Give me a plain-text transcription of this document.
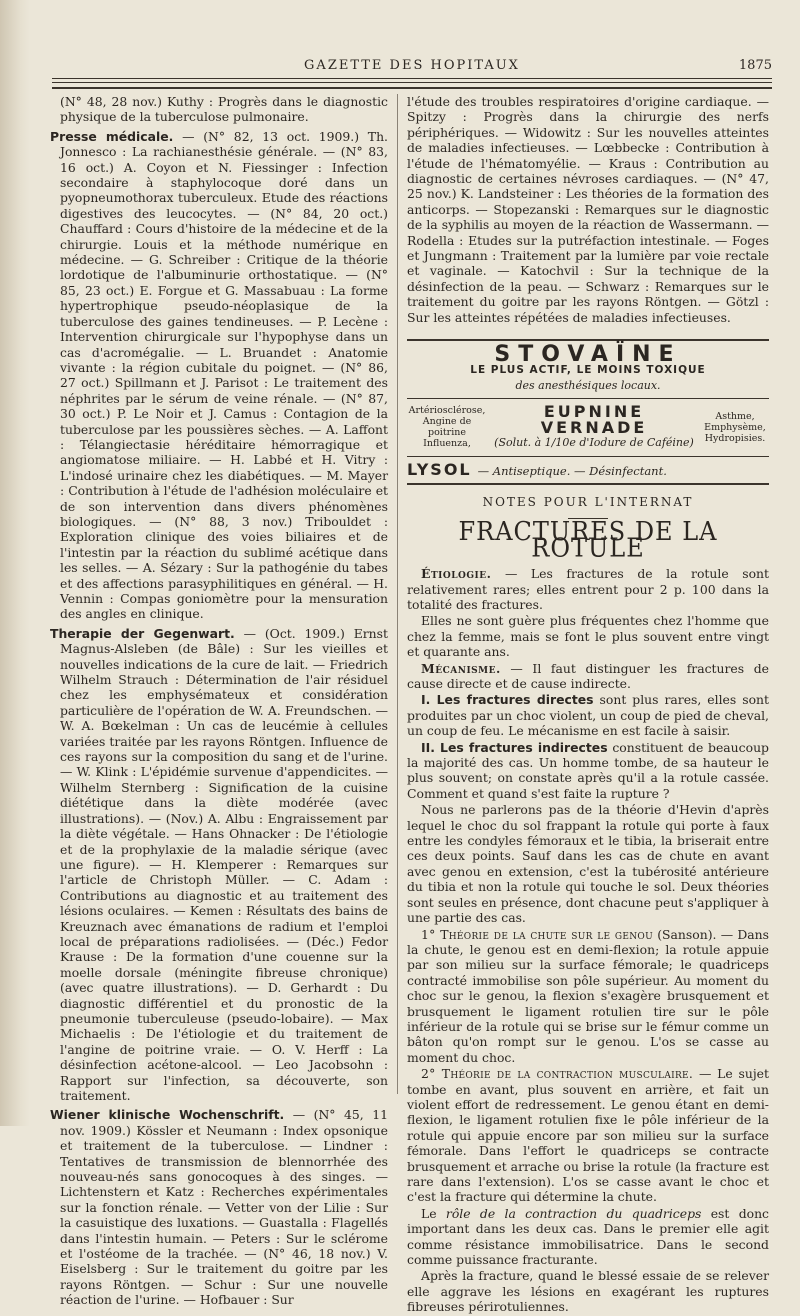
GAZETTE DES HOPITAUX	1875

(N° 48, 28 nov.) Kuthy : Progrès dans le diagnostic physique de la tuberculose pulmonaire.

Presse médicale. — (N° 82, 13 oct. 1909.) Th. Jonnesco : La rachianesthésie générale. — (N° 83, 16 oct.) A. Coyon et N. Fiessinger : Infection secondaire à staphylocoque doré dans un pyopneumothorax tuberculeux. Etude des réactions digestives des leucocytes. — (N° 84, 20 oct.) Chauffard : Cours d'histoire de la médecine et de la chirurgie. Louis et la méthode numérique en médecine. — G. Schreiber : Critique de la théorie lordotique de l'albuminurie orthostatique. — (N° 85, 23 oct.) E. Forgue et G. Massabuau : La forme hypertrophique pseudo-néoplasique de la tuberculose des gaines tendineuses. — P. Lecène : Intervention chirurgicale sur l'hypophyse dans un cas d'acromégalie. — L. Bruandet : Anatomie vivante : la région cubitale du poignet. — (N° 86, 27 oct.) Spillmann et J. Parisot : Le traitement des néphrites par le sérum de veine rénale. — (N° 87, 30 oct.) P. Le Noir et J. Camus : Contagion de la tuberculose par les poussières sèches. — A. Laffont : Télangiectasie héréditaire hémorragique et angiomatose miliaire. — H. Labbé et H. Vitry : L'indosé urinaire chez les diabétiques. — M. Mayer : Contribution à l'étude de l'adhésion moléculaire et de son intervention dans divers phénomènes biologiques. — (N° 88, 3 nov.) Tribouldet : Exploration clinique des voies biliaires et de l'intestin par la réaction du sublimé acétique dans les selles. — A. Sézary : Sur la pathogénie du tabes et des affections parasyphilitiques en général. — H. Vennin : Compas goniomètre pour la mensuration des angles en clinique.

Therapie der Gegenwart. — (Oct. 1909.) Ernst Magnus-Alsleben (de Bâle) : Sur les vieilles et nouvelles indications de la cure de lait. — Friedrich Wilhelm Strauch : Détermination de l'air résiduel chez les emphysémateux et considération particulière de l'opération de W. A. Freundschen. — W. A. Bœkelman : Un cas de leucémie à cellules variées traitée par les rayons Röntgen. Influence de ces rayons sur la composition du sang et de l'urine. — W. Klink : L'épidémie survenue d'appendicites. — Wilhelm Sternberg : Signification de la cuisine diététique dans la diète modérée (avec illustrations). — (Nov.) A. Albu : Engraissement par la diète végétale. — Hans Ohnacker : De l'étiologie et de la prophylaxie de la maladie sérique (avec une figure). — H. Klemperer : Remarques sur l'article de Christoph Müller. — C. Adam : Contributions au diagnostic et au traitement des lésions oculaires. — Kemen : Résultats des bains de Kreuznach avec émanations de radium et l'emploi local de préparations radiolisées. — (Déc.) Fedor Krause : De la formation d'une couenne sur la moelle dorsale (méningite fibreuse chronique) (avec quatre illustrations). — D. Gerhardt : Du diagnostic différentiel et du pronostic de la pneumonie tuberculeuse (pseudo-lobaire). — Max Michaelis : De l'étiologie et du traitement de l'angine de poitrine vraie. — O. V. Herff : La désinfection acétone-alcool. — Leo Jacobsohn : Rapport sur l'infection, sa découverte, son traitement.

Wiener klinische Wochenschrift. — (N° 45, 11 nov. 1909.) Kössler et Neumann : Index opsonique et traitement de la tuberculose. — Lindner : Tentatives de transmission de blennorrhée des nouveau-nés sans gonocoques à des singes. — Lichtenstern et Katz : Recherches expérimentales sur la fonction rénale. — Vetter von der Lilie : Sur la casuistique des luxations. — Guastalla : Flagellés dans l'intestin humain. — Peters : Sur le sclérome et l'ostéome de la trachée. — (N° 46, 18 nov.) V. Eiselsberg : Sur le traitement du goitre par les rayons Röntgen. — Schur : Sur une nouvelle réaction de l'urine. — Hofbauer : Sur

l'étude des troubles respiratoires d'origine cardiaque. — Spitzy : Progrès dans la chirurgie des nerfs périphériques. — Widowitz : Sur les nouvelles atteintes de maladies infectieuses. — Lœbbecke : Contribution à l'étude de l'hématomyélie. — Kraus : Contribution au diagnostic de certaines névroses cardiaques. — (N° 47, 25 nov.) K. Landsteiner : Les théories de la formation des anticorps. — Stopezanski : Remarques sur le diagnostic de la syphilis au moyen de la réaction de Wassermann. — Rodella : Etudes sur la putréfaction intestinale. — Foges et Jungmann : Traitement par la lumière par voie rectale et vaginale. — Katochvil : Sur la technique de la désinfection de la peau. — Schwarz : Remarques sur le traitement du goitre par les rayons Röntgen. — Götzl : Sur les atteintes répétées de maladies infectieuses.

STOVAÏNE
LE PLUS ACTIF, LE MOINS TOXIQUE
des anesthésiques locaux.
Artériosclérose, Angine de poitrine Influenza,
EUPNINE VERNADE
(Solut. à 1/10e d'Iodure de Caféine)
Asthme, Emphysème, Hydropisies.
LYSOL — Antiseptique. — Désinfectant.
NOTES POUR L'INTERNAT
FRACTURES DE LA ROTULE

Étiologie. — Les fractures de la rotule sont relativement rares; elles entrent pour 2 p. 100 dans la totalité des fractures.

Elles ne sont guère plus fréquentes chez l'homme que chez la femme, mais se font le plus souvent entre vingt et quarante ans.

Mécanisme. — Il faut distinguer les fractures de cause directe et de cause indirecte.

I. Les fractures directes sont plus rares, elles sont produites par un choc violent, un coup de pied de cheval, un coup de feu. Le mécanisme en est facile à saisir.

II. Les fractures indirectes constituent de beaucoup la majorité des cas. Un homme tombe, de sa hauteur le plus souvent; on constate après qu'il a la rotule cassée. Comment et quand s'est faite la rupture ?

Nous ne parlerons pas de la théorie d'Hevin d'après lequel le choc du sol frappant la rotule qui porte à faux entre les condyles fémoraux et le tibia, la briserait entre ces deux points. Sauf dans les cas de chute en avant avec genou en extension, c'est la tubérosité antérieure du tibia et non la rotule qui touche le sol. Deux théories sont seules en présence, dont chacune peut s'appliquer à une partie des cas.

1° Théorie de la chute sur le genou (Sanson). — Dans la chute, le genou est en demi-flexion; la rotule appuie par son milieu sur la surface fémorale; le quadriceps contracté immobilise son pôle supérieur. Au moment du choc sur le genou, la flexion s'exagère brusquement et brusquement le ligament rotulien tire sur le pôle inférieur de la rotule qui se brise sur le fémur comme un bâton qu'on rompt sur le genou. L'os se casse au moment du choc.

2° Théorie de la contraction musculaire. — Le sujet tombe en avant, plus souvent en arrière, et fait un violent effort de redressement. Le genou étant en demi-flexion, le ligament rotulien fixe le pôle inférieur de la rotule qui appuie encore par son milieu sur la surface fémorale. Dans l'effort le quadriceps se contracte brusquement et arrache ou brise la rotule (la fracture est rare dans l'extension). L'os se casse avant le choc et c'est la fracture qui détermine la chute.

Le rôle de la contraction du quadriceps est donc important dans les deux cas. Dans le premier elle agit comme résistance immobilisatrice. Dans le second comme puissance fracturante.

Après la fracture, quand le blessé essaie de se relever elle aggrave les lésions en exagérant les ruptures fibreuses périrotuliennes.
